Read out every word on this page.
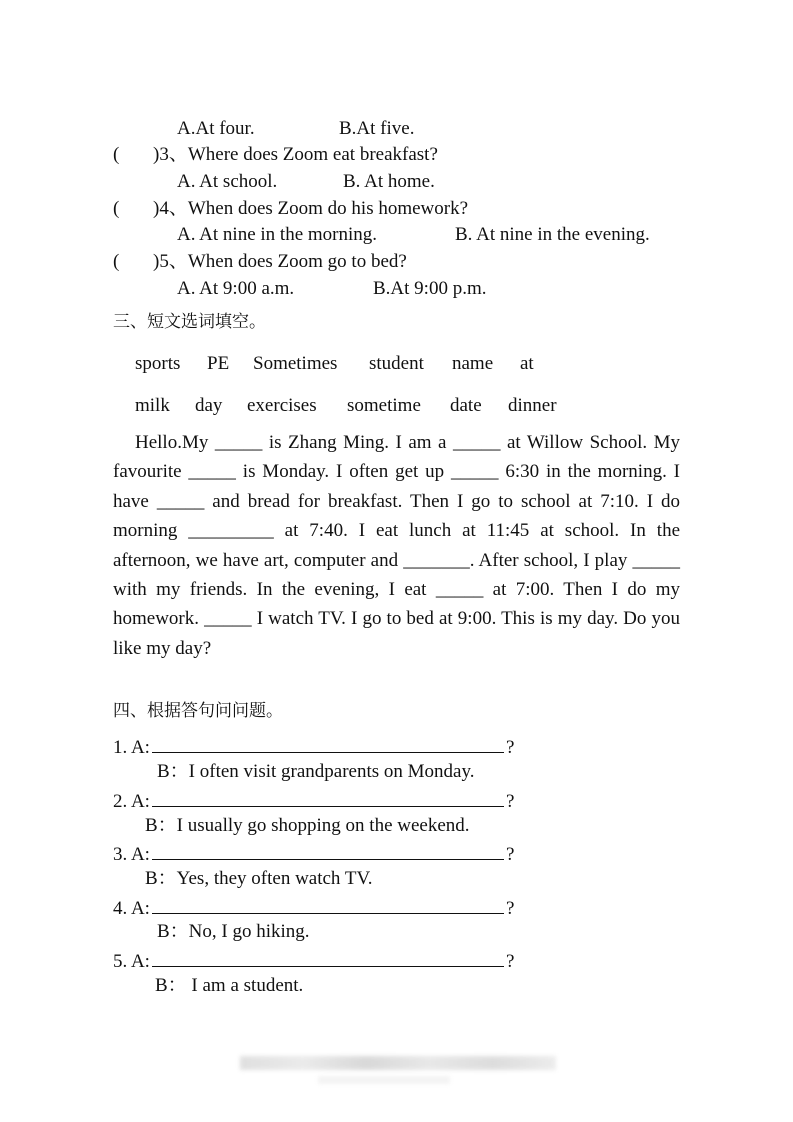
A.At four.	B.At five.
( )3、Where does Zoom eat breakfast?
A. At school.	B. At home.
( )4、When does Zoom do his homework?
A. At nine in the morning.	B. At nine in the evening.
( )5、When does Zoom go to bed?
A. At 9:00 a.m.	B.At 9:00 p.m.
三、短文选词填空。
sports PE Sometimes student name at
milk day exercises sometime date dinner
Hello.My _____ is Zhang Ming. I am a _____ at Willow School. My favourite _____ is Monday. I often get up _____ 6:30 in the morning. I have _____ and bread for breakfast. Then I go to school at 7:10. I do morning _________ at 7:40. I eat lunch at 11:45 at school. In the afternoon, we have art, computer and _______. After school, I play _____ with my friends. In the evening, I eat _____ at 7:00. Then I do my homework. _____ I watch TV. I go to bed at 9:00. This is my day. Do you like my day?
四、根据答句问问题。
1. A:	?
B：I often visit grandparents on Monday.
2. A:	?
B：I usually go shopping on the weekend.
3. A:	?
B：Yes, they often watch TV.
4. A:	?
B：No, I go hiking.
5. A:	?
B： I am a student.
